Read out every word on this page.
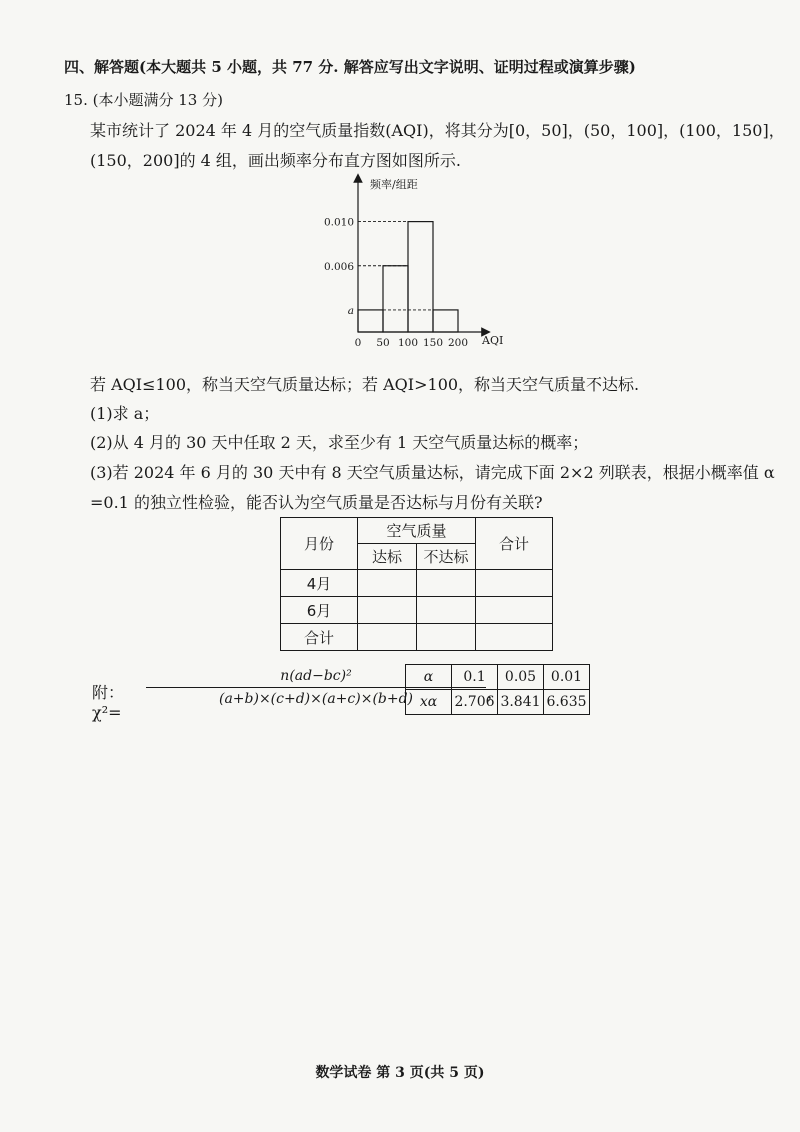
四、解答题(本大题共 5 小题，共 77 分. 解答应写出文字说明、证明过程或演算步骤)
15. (本小题满分 13 分)
某市统计了 2024 年 4 月的空气质量指数(AQI)，将其分为[0，50]，(50，100]，(100，150]，
(150，200]的 4 组，画出频率分布直方图如图所示.
频率/组距
AQI
0.010
0.006
a
0 50 100 150 200
若 AQI≤100，称当天空气质量达标；若 AQI>100，称当天空气质量不达标.
(1)求 a；
(2)从 4 月的 30 天中任取 2 天，求至少有 1 天空气质量达标的概率；
(3)若 2024 年 6 月的 30 天中有 8 天空气质量达标，请完成下面 2×2 列联表，根据小概率值 α
=0.1 的独立性检验，能否认为空气质量是否达标与月份有关联?
月份	空气质量		合计
	达标	不达标	
4月			
6月			
合计			
附：χ²=
n(ad−bc)²
(a+b)×(c+d)×(a+c)×(b+d)	，
α	0.1	0.05	0.01
xα	2.706	3.841	6.635
数学试卷 第 3 页(共 5 页)
